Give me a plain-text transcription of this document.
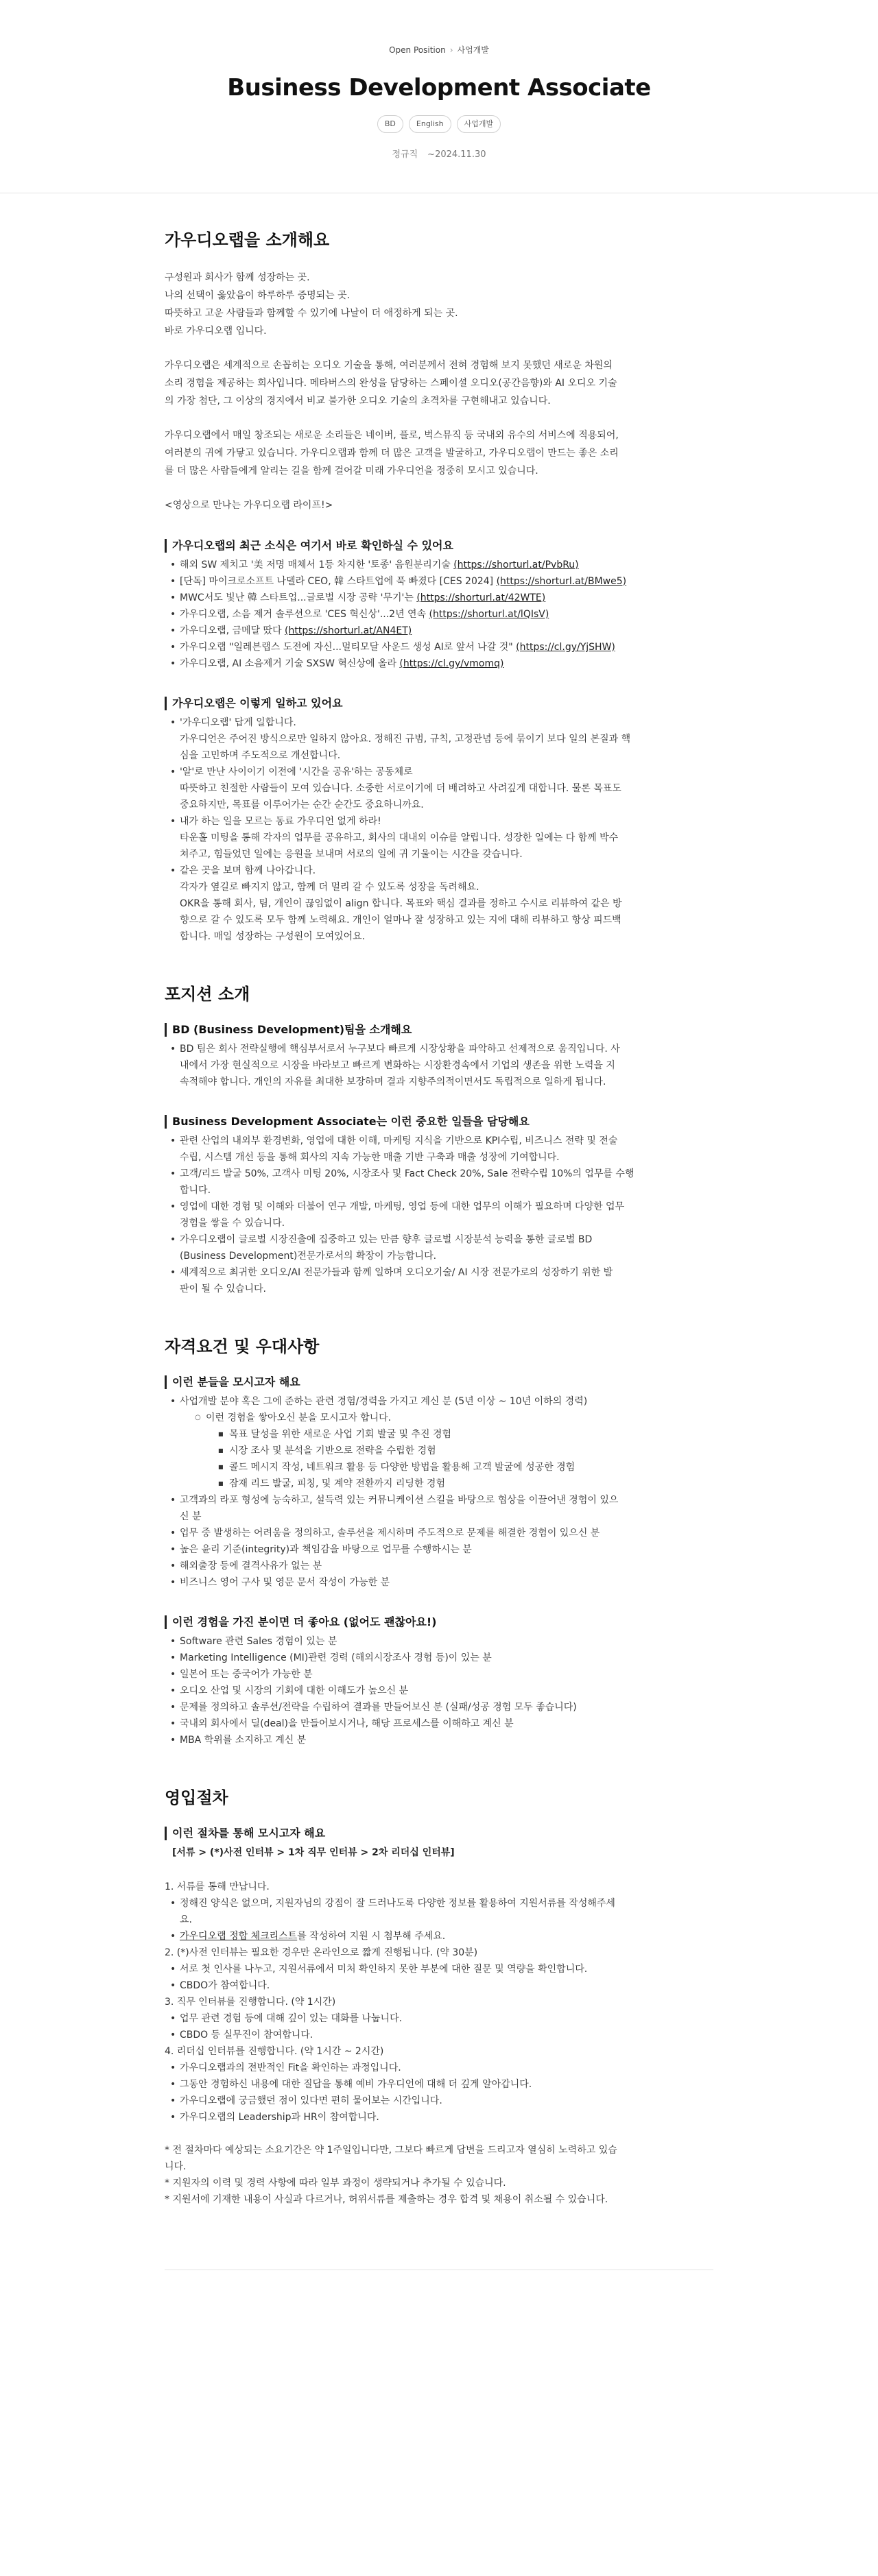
Open Position › 사업개발
Business Development Associate
BD	English	사업개발
정규직 ~2024.11.30
가우디오랩을 소개해요
구성원과 회사가 함께 성장하는 곳.
나의 선택이 옳았음이 하루하루 증명되는 곳.
따뜻하고 고운 사람들과 함께할 수 있기에 나날이 더 애정하게 되는 곳.
바로 가우디오랩 입니다.
가우디오랩은 세계적으로 손꼽히는 오디오 기술을 통해, 여러분께서 전혀 경험해 보지 못했던 새로운 차원의
소리 경험을 제공하는 회사입니다. 메타버스의 완성을 담당하는 스페이셜 오디오(공간음향)와 AI 오디오 기술
의 가장 첨단, 그 이상의 경지에서 비교 불가한 오디오 기술의 초격차를 구현해내고 있습니다.
가우디오랩에서 매일 창조되는 새로운 소리들은 네이버, 플로, 벅스뮤직 등 국내외 유수의 서비스에 적용되어,
여러분의 귀에 가닿고 있습니다. 가우디오랩과 함께 더 많은 고객을 발굴하고, 가우디오랩이 만드는 좋은 소리
를 더 많은 사람들에게 알리는 길을 함께 걸어갈 미래 가우디언을 정중히 모시고 있습니다.
<영상으로 만나는 가우디오랩 라이프!>
가우디오랩의 최근 소식은 여기서 바로 확인하실 수 있어요
• 해외 SW 제치고 '美 저명 매체서 1등 차지한 '토종' 음원분리기술 (https://shorturl.at/PvbRu)
• [단독] 마이크로소프트 나델라 CEO, 韓 스타트업에 푹 빠졌다 [CES 2024] (https://shorturl.at/BMwe5)
• MWC서도 빛난 韓 스타트업...글로벌 시장 공략 '무기'는 (https://shorturl.at/42WTE)
• 가우디오랩, 소음 제거 솔루션으로 'CES 혁신상'...2년 연속 (https://shorturl.at/lQIsV)
• 가우디오랩, 금메달 땄다 (https://shorturl.at/AN4ET)
• 가우디오랩 "일레븐랩스 도전에 자신...멀티모달 사운드 생성 AI로 앞서 나갈 것" (https://cl.gy/YjSHW)
• 가우디오랩, AI 소음제거 기술 SXSW 혁신상에 올라 (https://cl.gy/vmomq)
가우디오랩은 이렇게 일하고 있어요
• '가우디오랩' 답게 일합니다.
가우디언은 주어진 방식으로만 일하지 않아요. 정해진 규범, 규칙, 고정관념 등에 묶이기 보다 일의 본질과 핵
심을 고민하며 주도적으로 개선합니다.
• '알'로 만난 사이이기 이전에 '시간을 공유'하는 공동체로
따뜻하고 친절한 사람들이 모여 있습니다. 소중한 서로이기에 더 배려하고 사려깊게 대합니다. 물론 목표도
중요하지만, 목표를 이루어가는 순간 순간도 중요하니까요.
• 내가 하는 일을 모르는 동료 가우디언 없게 하라!
타운홀 미팅을 통해 각자의 업무를 공유하고, 회사의 대내외 이슈를 알립니다. 성장한 일에는 다 함께 박수
쳐주고, 힘들었던 일에는 응원을 보내며 서로의 일에 귀 기울이는 시간을 갖습니다.
• 같은 곳을 보며 함께 나아갑니다.
각자가 옆길로 빠지지 않고, 함께 더 멀리 갈 수 있도록 성장을 독려해요.
OKR을 통해 회사, 팀, 개인이 끊임없이 align 합니다. 목표와 핵심 결과를 정하고 수시로 리뷰하여 같은 방
향으로 갈 수 있도록 모두 함께 노력해요. 개인이 얼마나 잘 성장하고 있는 지에 대해 리뷰하고 항상 피드백
합니다. 매일 성장하는 구성원이 모여있어요.
포지션 소개
BD (Business Development)팀을 소개해요
• BD 팀은 회사 전략실행에 핵심부서로서 누구보다 빠르게 시장상황을 파악하고 선제적으로 움직입니다. 사
내에서 가장 현실적으로 시장을 바라보고 빠르게 변화하는 시장환경속에서 기업의 생존을 위한 노력을 지
속적해야 합니다. 개인의 자유를 최대한 보장하며 결과 지향주의적이면서도 독립적으로 일하게 됩니다.
Business Development Associate는 이런 중요한 일들을 담당해요
• 관련 산업의 내외부 환경변화, 영업에 대한 이해, 마케팅 지식을 기반으로 KPI수립, 비즈니스 전략 및 전술
수립, 시스템 개선 등을 통해 회사의 지속 가능한 매출 기반 구축과 매출 성장에 기여합니다.
• 고객/리드 발굴 50%, 고객사 미팅 20%, 시장조사 및 Fact Check 20%, Sale 전략수립 10%의 업무를 수행
합니다.
• 영업에 대한 경험 및 이해와 더불어 연구 개발, 마케팅, 영업 등에 대한 업무의 이해가 필요하며 다양한 업무
경험을 쌓을 수 있습니다.
• 가우디오랩이 글로벌 시장진출에 집중하고 있는 만큼 향후 글로벌 시장분석 능력을 통한 글로벌 BD
(Business Development)전문가로서의 확장이 가능합니다.
• 세계적으로 최귀한 오디오/AI 전문가들과 함께 일하며 오디오기술/ AI 시장 전문가로의 성장하기 위한 발
판이 될 수 있습니다.
자격요건 및 우대사항
이런 분들을 모시고자 해요
• 사업개발 분야 혹은 그에 준하는 관련 경험/경력을 가지고 계신 분 (5년 이상 ~ 10년 이하의 경력)
○ 이런 경험을 쌓아오신 분을 모시고자 합니다.
■ 목표 달성을 위한 새로운 사업 기회 발굴 및 추진 경험
■ 시장 조사 및 분석을 기반으로 전략을 수립한 경험
■ 콜드 메시지 작성, 네트워크 활용 등 다양한 방법을 활용해 고객 발굴에 성공한 경험
■ 잠재 리드 발굴, 피칭, 및 계약 전환까지 리딩한 경험
• 고객과의 라포 형성에 능숙하고, 설득력 있는 커뮤니케이션 스킬을 바탕으로 협상을 이끌어낸 경험이 있으
신 분
• 업무 중 발생하는 어려움을 정의하고, 솔루션을 제시하며 주도적으로 문제를 해결한 경험이 있으신 분
• 높은 윤리 기준(integrity)과 책임감을 바탕으로 업무를 수행하시는 분
• 해외출장 등에 결격사유가 없는 분
• 비즈니스 영어 구사 및 영문 문서 작성이 가능한 분
이런 경험을 가진 분이면 더 좋아요 (없어도 괜찮아요!)
• Software 관련 Sales 경험이 있는 분
• Marketing Intelligence (MI)관련 경력 (해외시장조사 경험 등)이 있는 분
• 일본어 또는 중국어가 가능한 분
• 오디오 산업 및 시장의 기회에 대한 이해도가 높으신 분
• 문제를 정의하고 솔루션/전략을 수립하여 결과를 만들어보신 분 (실패/성공 경험 모두 좋습니다)
• 국내외 회사에서 딜(deal)을 만들어보시거나, 해당 프로세스를 이해하고 계신 분
• MBA 학위를 소지하고 계신 분
영입절차
이런 절차를 통해 모시고자 해요
[서류 > (*)사전 인터뷰 > 1차 직무 인터뷰 > 2차 리더십 인터뷰]
1. 서류를 통해 만납니다.
• 정해진 양식은 없으며, 지원자님의 강점이 잘 드러나도록 다양한 정보를 활용하여 지원서류를 작성해주세
요.
• 가우디오랩 정합 체크리스트를 작성하여 지원 시 첨부해 주세요.
2. (*)사전 인터뷰는 필요한 경우만 온라인으로 짧게 진행됩니다. (약 30분)
• 서로 첫 인사를 나누고, 지원서류에서 미처 확인하지 못한 부분에 대한 질문 및 역량을 확인합니다.
• CBDO가 참여합니다.
3. 직무 인터뷰를 진행합니다. (약 1시간)
• 업무 관련 경험 등에 대해 깊이 있는 대화를 나눕니다.
• CBDO 등 실무진이 참여합니다.
4. 리더십 인터뷰를 진행합니다. (약 1시간 ~ 2시간)
• 가우디오랩과의 전반적인 Fit을 확인하는 과정입니다.
• 그동안 경험하신 내용에 대한 질답을 통해 예비 가우디언에 대해 더 깊게 알아갑니다.
• 가우디오랩에 궁금했던 점이 있다면 편히 물어보는 시간입니다.
• 가우디오랩의 Leadership과 HR이 참여합니다.
* 전 절차마다 예상되는 소요기간은 약 1주일입니다만, 그보다 빠르게 답변을 드리고자 열심히 노력하고 있습
니다.
* 지원자의 이력 및 경력 사항에 따라 일부 과정이 생략되거나 추가될 수 있습니다.
* 지원서에 기재한 내용이 사실과 다르거나, 허위서류를 제출하는 경우 합격 및 채용이 취소될 수 있습니다.
